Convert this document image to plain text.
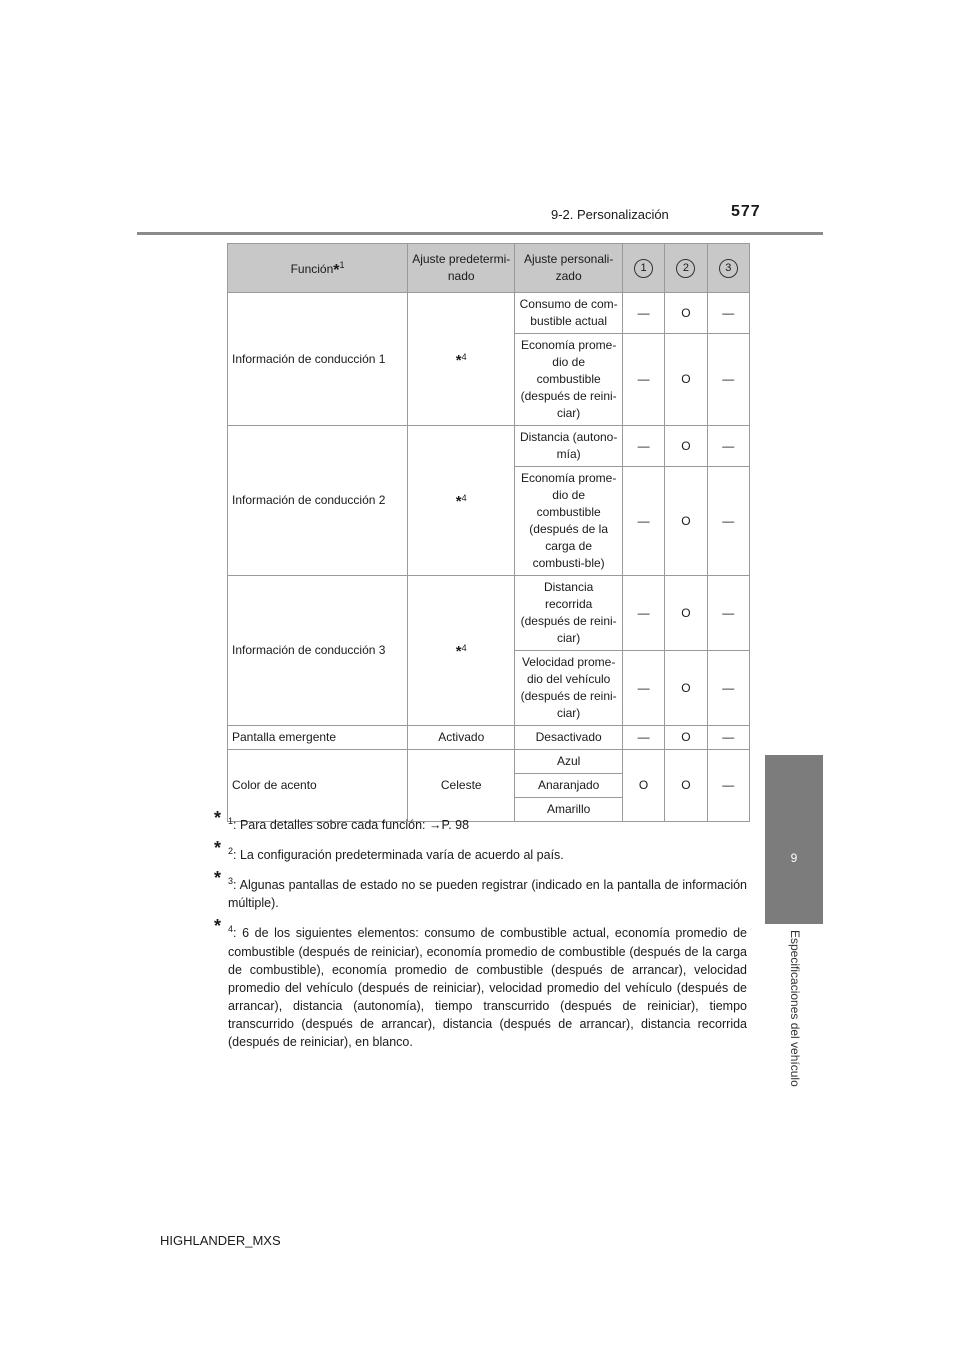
9-2. Personalización	577
9
Especificaciones del vehículo
Función*$^1$	Ajuste predetermi-nado	Ajuste personali-zado	1	2	3
Información de conducción 1	*$^4$	Consumo de com-bustible actual	—	O	—
		Economía prome-dio de combustible (después de reini-ciar)	—	O	—
Información de conducción 2	*$^4$	Distancia (autono-mía)	—	O	—
		Economía prome-dio de combustible (después de la carga de combusti-ble)	—	O	—
Información de conducción 3	*$^4$	Distancia recorrida (después de reini-ciar)	—	O	—
		Velocidad prome-dio del vehículo (después de reini-ciar)	—	O	—
Pantalla emergente	Activado	Desactivado	—	O	—
Color de acento	Celeste	Azul	O	O	—
		Anaranjado			
		Amarillo			
* $^1$: Para detalles sobre cada función: →P. 98
* $^2$: La configuración predeterminada varía de acuerdo al país.
* $^3$: Algunas pantallas de estado no se pueden registrar (indicado en la pantalla de información múltiple).
* $^4$: 6 de los siguientes elementos: consumo de combustible actual, economía promedio de combustible (después de reiniciar), economía promedio de combustible (después de la carga de combustible), economía promedio de combustible (después de arrancar), velocidad promedio del vehículo (después de reiniciar), velocidad promedio del vehículo (después de arrancar), distancia (autonomía), tiempo transcurrido (después de reiniciar), tiempo transcurrido (después de arrancar), distancia (después de arrancar), distancia recorrida (después de reiniciar), en blanco.
HIGHLANDER_MXS
